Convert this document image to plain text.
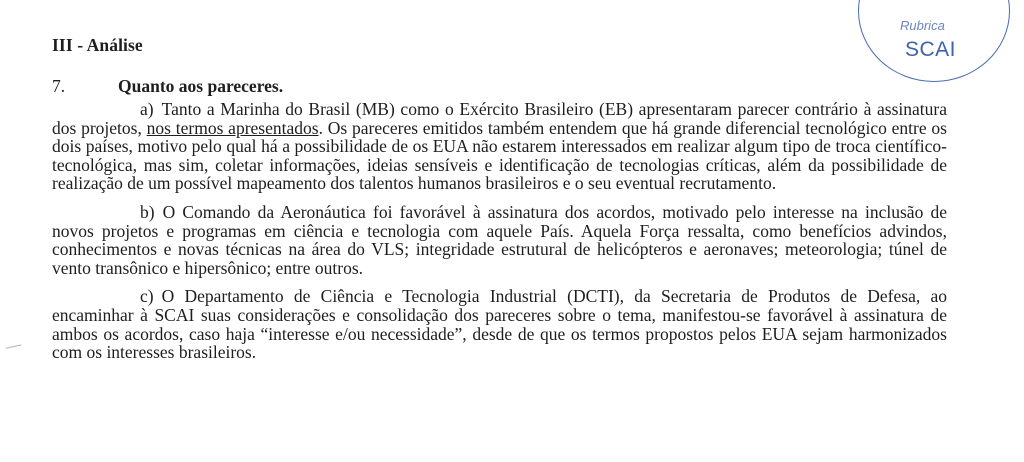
Rubrica
SCAI
III - Análise
7.	Quanto aos pareceres.

a) Tanto a Marinha do Brasil (MB) como o Exército Brasileiro (EB) apresentaram parecer contrário à assinatura dos projetos, nos termos apresentados. Os pareceres emitidos também entendem que há grande diferencial tecnológico entre os dois países, motivo pelo qual há a possibilidade de os EUA não estarem interessados em realizar algum tipo de troca científico-tecnológica, mas sim, coletar informações, ideias sensíveis e identificação de tecnologias críticas, além da possibilidade de realização de um possível mapeamento dos talentos humanos brasileiros e o seu eventual recrutamento.

b) O Comando da Aeronáutica foi favorável à assinatura dos acordos, motivado pelo interesse na inclusão de novos projetos e programas em ciência e tecnologia com aquele País. Aquela Força ressalta, como benefícios advindos, conhecimentos e novas técnicas na área do VLS; integridade estrutural de helicópteros e aeronaves; meteorologia; túnel de vento transônico e hipersônico; entre outros.

c) O Departamento de Ciência e Tecnologia Industrial (DCTI), da Secretaria de Produtos de Defesa, ao encaminhar à SCAI suas considerações e consolidação dos pareceres sobre o tema, manifestou-se favorável à assinatura de ambos os acordos, caso haja “interesse e/ou necessidade”, desde de que os termos propostos pelos EUA sejam harmonizados com os interesses brasileiros.
